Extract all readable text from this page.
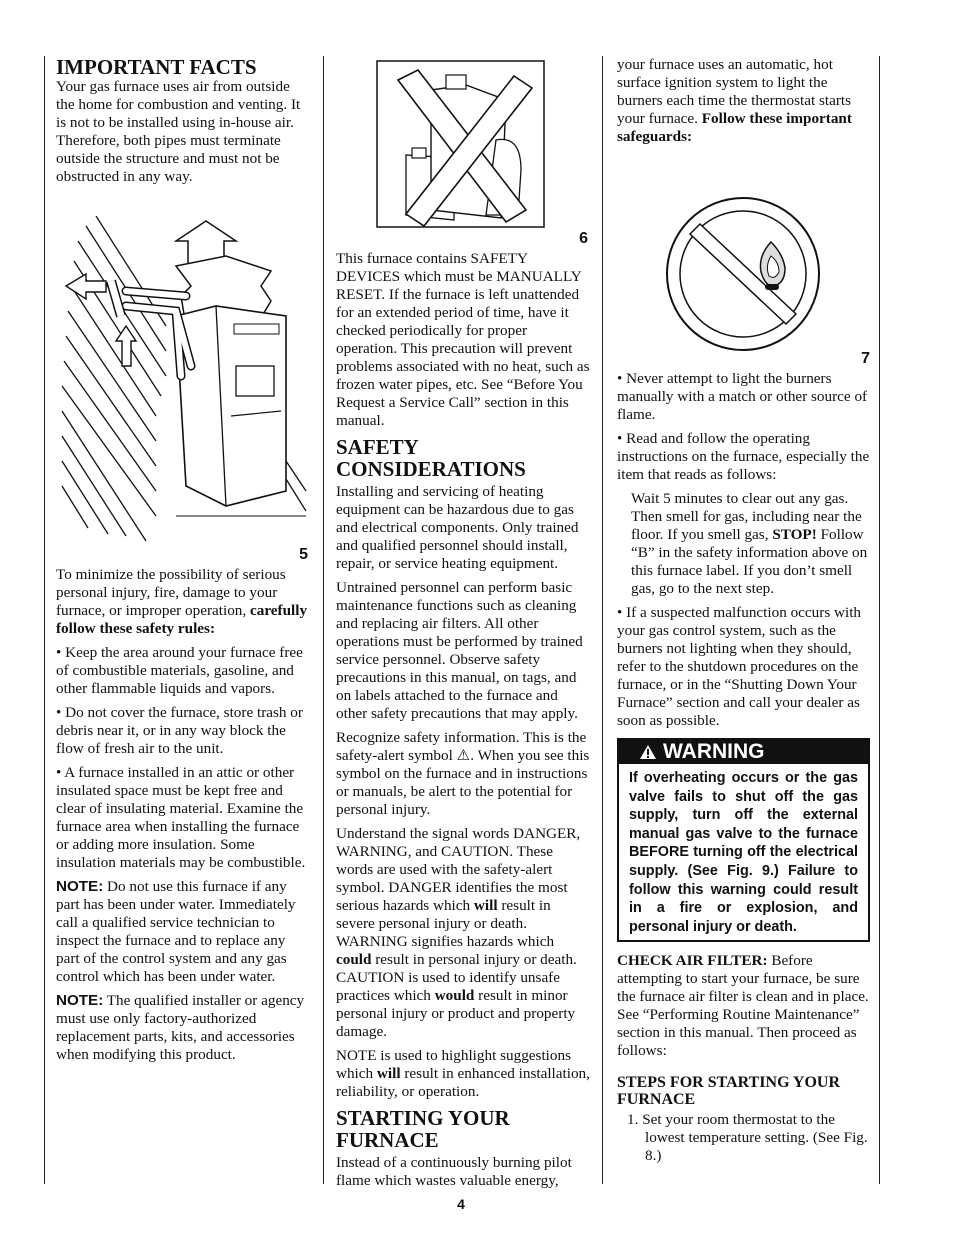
IMPORTANT FACTS

Your gas furnace uses air from outside the home for combustion and venting. It is not to be installed using in-house air. Therefore, both pipes must terminate outside the structure and must not be obstructed in any way.

5

To minimize the possibility of serious personal injury, fire, damage to your furnace, or improper operation, carefully follow these safety rules:

• Keep the area around your furnace free of combustible materials, gasoline, and other flammable liquids and vapors.

• Do not cover the furnace, store trash or debris near it, or in any way block the flow of fresh air to the unit.

• A furnace installed in an attic or other insulated space must be kept free and clear of insulating material. Examine the furnace area when installing the furnace or adding more insulation. Some insulation materials may be combustible.

NOTE: Do not use this furnace if any part has been under water. Immediately call a qualified service technician to inspect the furnace and to replace any part of the control system and any gas control which has been under water.

NOTE: The qualified installer or agency must use only factory-authorized replacement parts, kits, and accessories when modifying this product.

6

This furnace contains SAFETY DEVICES which must be MANUALLY RESET. If the furnace is left unattended for an extended period of time, have it checked periodically for proper operation. This precaution will prevent problems associated with no heat, such as frozen water pipes, etc. See “Before You Request a Service Call” section in this manual.

SAFETY CONSIDERATIONS

Installing and servicing of heating equipment can be hazardous due to gas and electrical components. Only trained and qualified personnel should install, repair, or service heating equipment.

Untrained personnel can perform basic maintenance functions such as cleaning and replacing air filters. All other operations must be performed by trained service personnel. Observe safety precautions in this manual, on tags, and on labels attached to the furnace and other safety precautions that may apply.

Recognize safety information. This is the safety-alert symbol ⚠. When you see this symbol on the furnace and in instructions or manuals, be alert to the potential for personal injury.

Understand the signal words DANGER, WARNING, and CAUTION. These words are used with the safety-alert symbol. DANGER identifies the most serious hazards which will result in severe personal injury or death. WARNING signifies hazards which could result in personal injury or death. CAUTION is used to identify unsafe practices which would result in minor personal injury or product and property damage.

NOTE is used to highlight suggestions which will result in enhanced installation, reliability, or operation.

STARTING YOUR FURNACE

Instead of a continuously burning pilot flame which wastes valuable energy,

your furnace uses an automatic, hot surface ignition system to light the burners each time the thermostat starts your furnace. Follow these important safeguards:

7

• Never attempt to light the burners manually with a match or other source of flame.

• Read and follow the operating instructions on the furnace, especially the item that reads as follows:

Wait 5 minutes to clear out any gas. Then smell for gas, including near the floor. If you smell gas, STOP! Follow “B” in the safety information above on this furnace label. If you don’t smell gas, go to the next step.

• If a suspected malfunction occurs with your gas control system, such as the burners not lighting when they should, refer to the shutdown procedures on the furnace, or in the “Shutting Down Your Furnace” section and call your dealer as soon as possible.

WARNING
If overheating occurs or the gas valve fails to shut off the gas supply, turn off the external manual gas valve to the furnace BEFORE turning off the electrical supply. (See Fig. 9.) Failure to follow this warning could result in a fire or explosion, and personal injury or death.

CHECK AIR FILTER: Before attempting to start your furnace, be sure the furnace air filter is clean and in place. See “Performing Routine Maintenance” section in this manual. Then proceed as follows:

STEPS FOR STARTING YOUR FURNACE

1. Set your room thermostat to the lowest temperature setting. (See Fig. 8.)

4
